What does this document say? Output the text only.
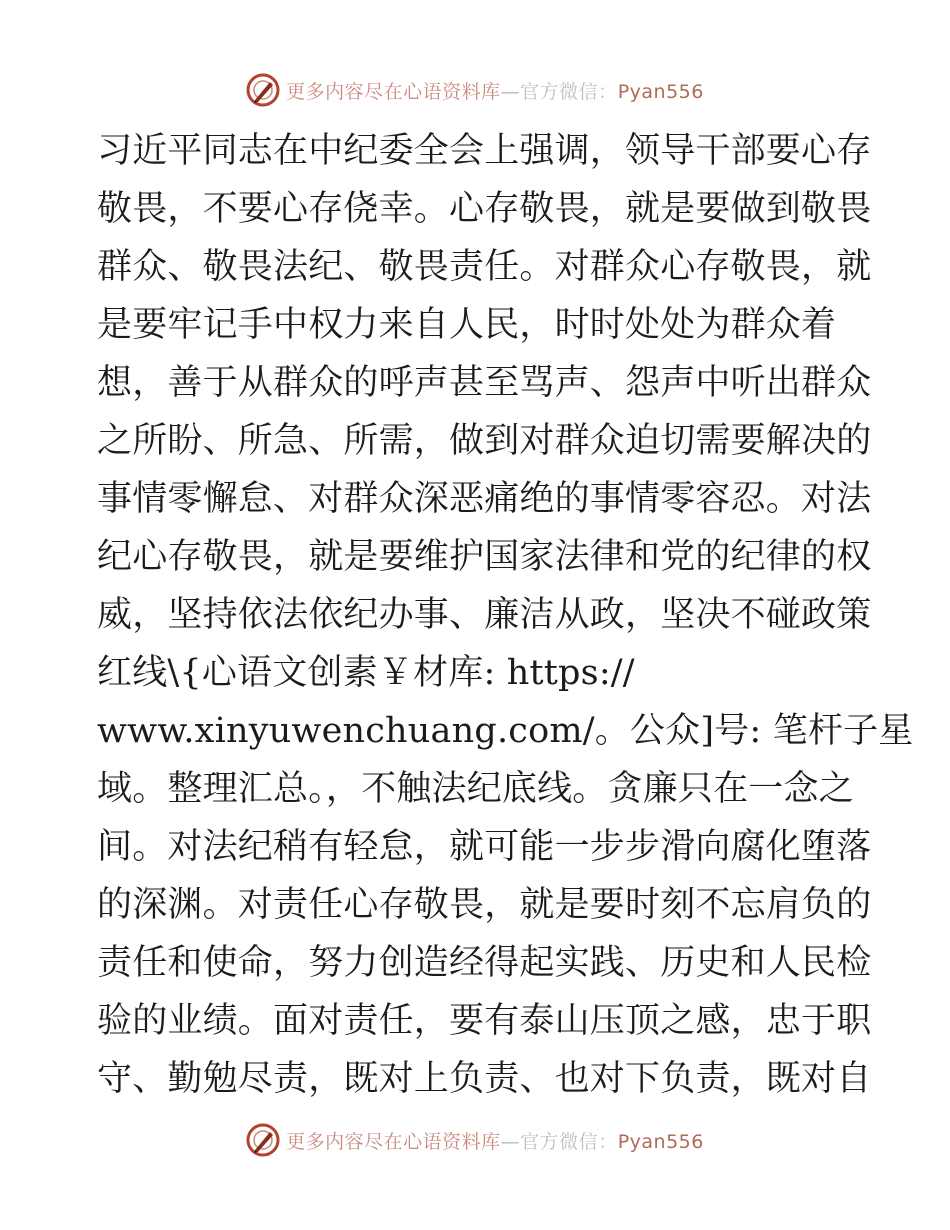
更多内容尽在心语资料库—官方微信：Pyan556
习近平同志在中纪委全会上强调，领导干部要心存
敬畏，不要心存侥幸。心存敬畏，就是要做到敬畏
群众、敬畏法纪、敬畏责任。对群众心存敬畏，就
是要牢记手中权力来自人民，时时处处为群众着
想，善于从群众的呼声甚至骂声、怨声中听出群众
之所盼、所急、所需，做到对群众迫切需要解决的
事情零懈怠、对群众深恶痛绝的事情零容忍。对法
纪心存敬畏，就是要维护国家法律和党的纪律的权
威，坚持依法依纪办事、廉洁从政，坚决不碰政策
红线\{心语文创素￥材库: https://
www.xinyuwenchuang.com/。公众]号: 笔杆子星
域。整理汇总。，不触法纪底线。贪廉只在一念之
间。对法纪稍有轻怠，就可能一步步滑向腐化堕落
的深渊。对责任心存敬畏，就是要时刻不忘肩负的
责任和使命，努力创造经得起实践、历史和人民检
验的业绩。面对责任，要有泰山压顶之感，忠于职
守、勤勉尽责，既对上负责、也对下负责，既对自
更多内容尽在心语资料库—官方微信：Pyan556
